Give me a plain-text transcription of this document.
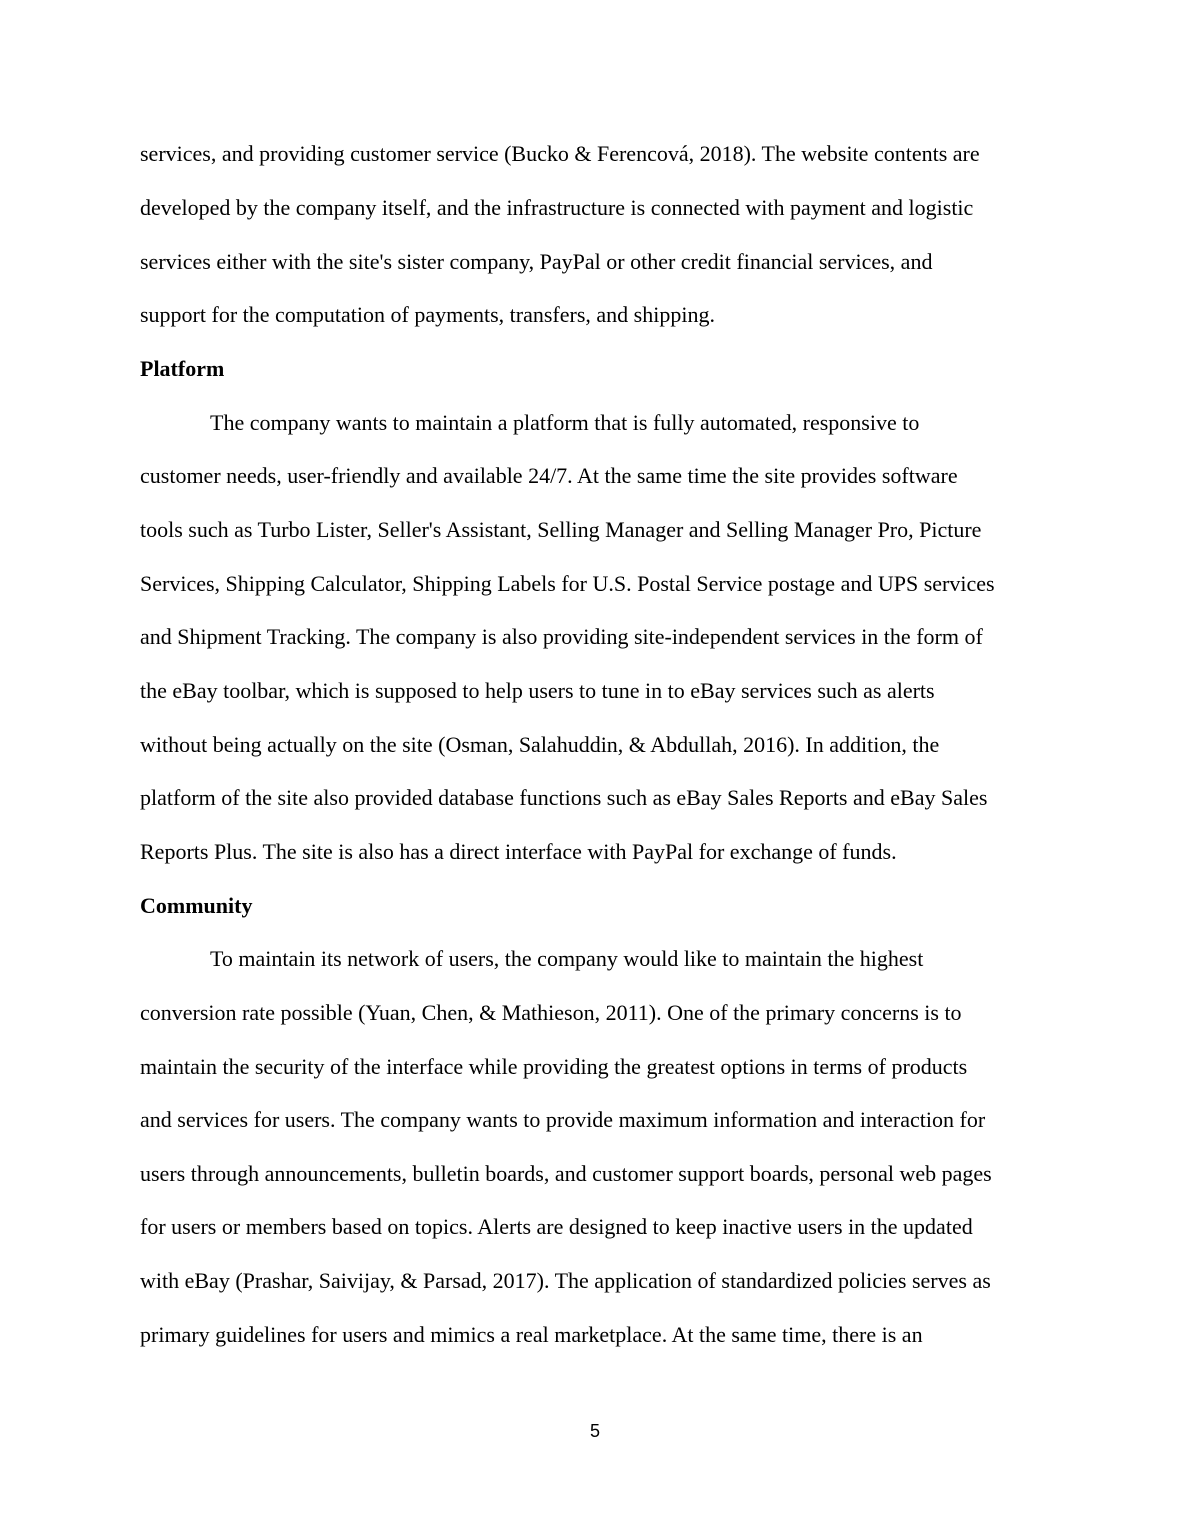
services, and providing customer service (Bucko & Ferencová, 2018). The website contents are
developed by the company itself, and the infrastructure is connected with payment and logistic
services either with the site's sister company, PayPal or other credit financial services, and
support for the computation of payments, transfers, and shipping.
Platform
The company wants to maintain a platform that is fully automated, responsive to
customer needs, user-friendly and available 24/7. At the same time the site provides software
tools such as Turbo Lister, Seller's Assistant, Selling Manager and Selling Manager Pro, Picture
Services, Shipping Calculator, Shipping Labels for U.S. Postal Service postage and UPS services
and Shipment Tracking. The company is also providing site-independent services in the form of
the eBay toolbar, which is supposed to help users to tune in to eBay services such as alerts
without being actually on the site (Osman, Salahuddin, & Abdullah, 2016). In addition, the
platform of the site also provided database functions such as eBay Sales Reports and eBay Sales
Reports Plus. The site is also has a direct interface with PayPal for exchange of funds.
Community
To maintain its network of users, the company would like to maintain the highest
conversion rate possible (Yuan, Chen, & Mathieson, 2011). One of the primary concerns is to
maintain the security of the interface while providing the greatest options in terms of products
and services for users. The company wants to provide maximum information and interaction for
users through announcements, bulletin boards, and customer support boards, personal web pages
for users or members based on topics. Alerts are designed to keep inactive users in the updated
with eBay (Prashar, Saivijay, & Parsad, 2017). The application of standardized policies serves as
primary guidelines for users and mimics a real marketplace. At the same time, there is an
5
